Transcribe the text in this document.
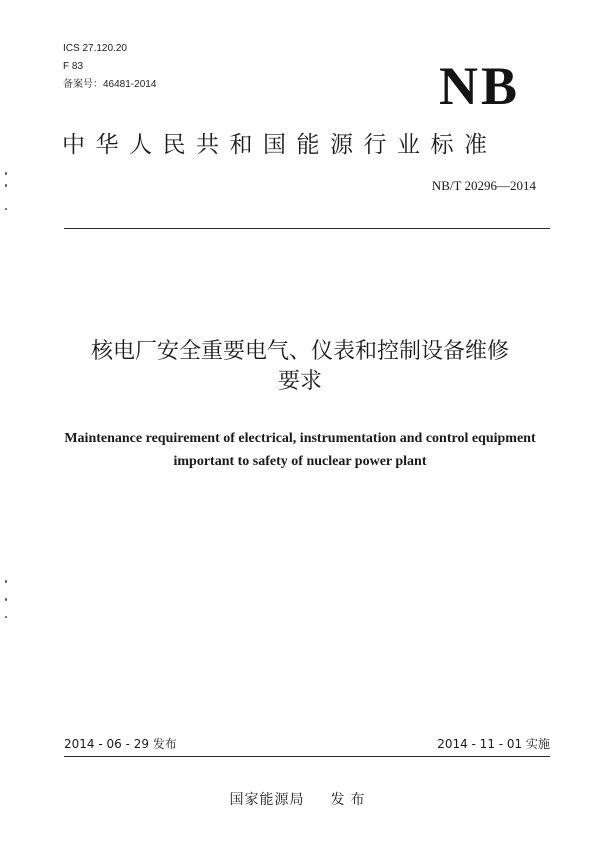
ICS 27.120.20
F 83
备案号：46481-2014	NB
中华人民共和国能源行业标准
NB/T 20296—2014
核电厂安全重要电气、仪表和控制设备维修
要求
Maintenance requirement of electrical, instrumentation and control equipment
important to safety of nuclear power plant
2014 - 06 - 29 发布	2014 - 11 - 01 实施
国家能源局 发布
